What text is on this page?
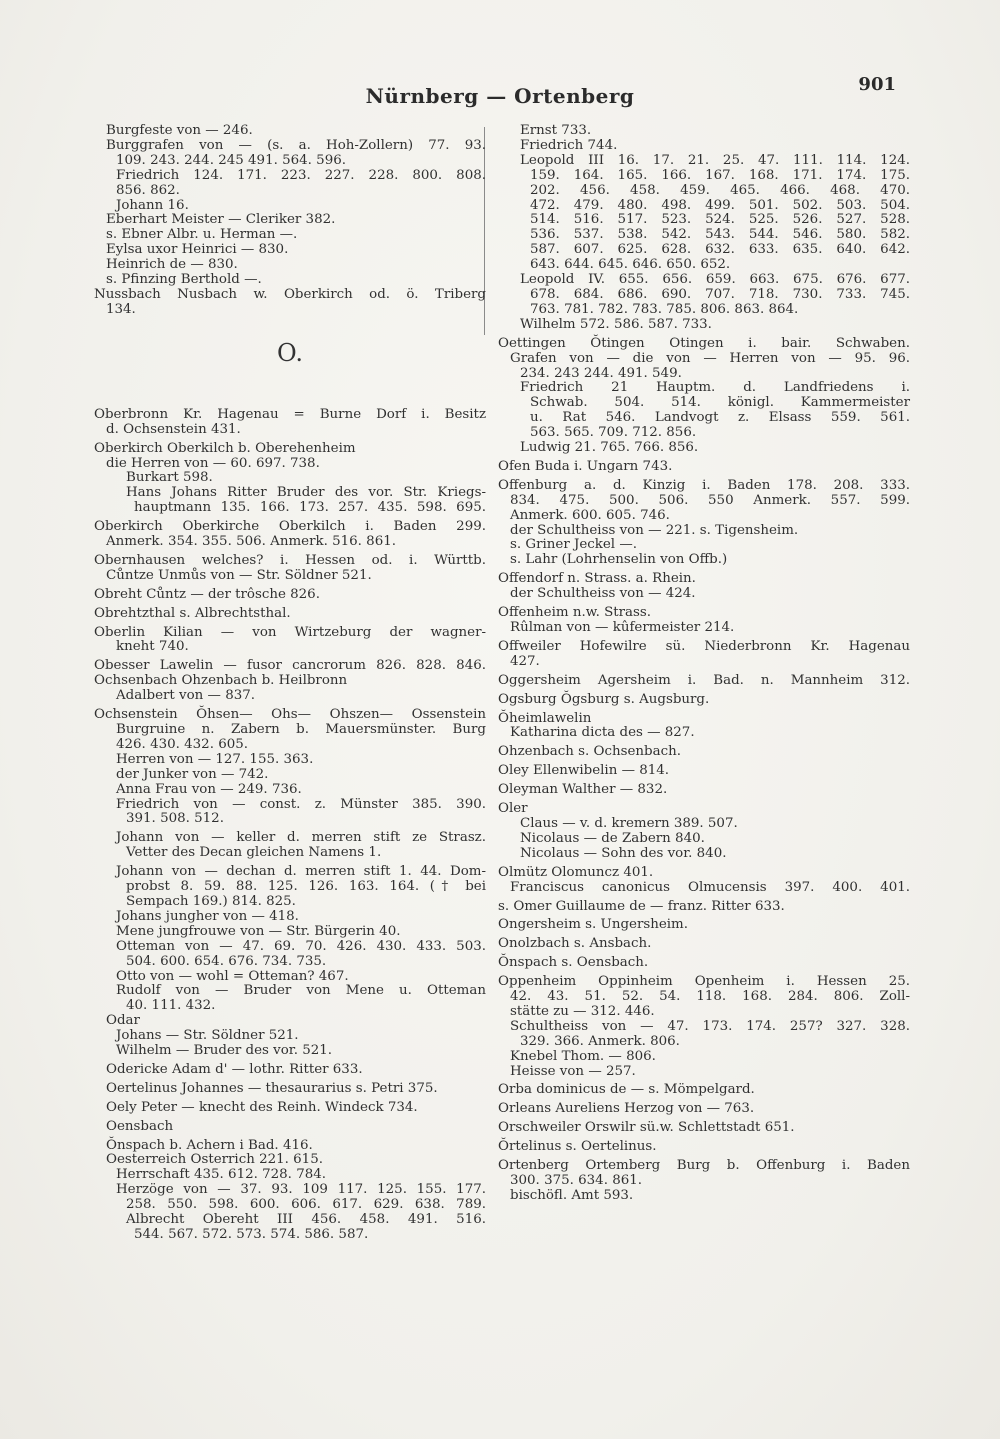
Nürnberg — Ortenberg	901
Burgfeste von — 246.
Burggrafen von — (s. a. Hoh-Zollern) 77. 93.
109. 243. 244. 245 491. 564. 596.
Friedrich 124. 171. 223. 227. 228. 800. 808.
856. 862.
Johann 16.
Eberhart Meister — Cleriker 382.
s. Ebner Albr. u. Herman —.
Eylsa uxor Heinrici — 830.
Heinrich de — 830.
s. Pfinzing Berthold —.
Nussbach Nusbach w. Oberkirch od. ö. Triberg
134.
O.
Oberbronn Kr. Hagenau = Burne Dorf i. Besitz
d. Ochsenstein 431.
Oberkirch Oberkilch b. Oberehenheim
die Herren von — 60. 697. 738.
Burkart 598.
Hans Johans Ritter Bruder des vor. Str. Kriegs-
hauptmann 135. 166. 173. 257. 435. 598. 695.
Oberkirch Oberkirche Oberkilch i. Baden 299.
Anmerk. 354. 355. 506. Anmerk. 516. 861.
Obernhausen welches? i. Hessen od. i. Württb.
Cůntze Unmůs von — Str. Söldner 521.
Obreht Cůntz — der trôsche 826.
Obrehtzthal s. Albrechtsthal.
Oberlin Kilian — von Wirtzeburg der wagner-
kneht 740.
Obesser Lawelin — fusor cancrorum 826. 828. 846.
Ochsenbach Ohzenbach b. Heilbronn
Adalbert von — 837.
Ochsenstein Ŏhsen— Ohs— Ohszen— Ossenstein
Burgruine n. Zabern b. Mauersmünster. Burg
426. 430. 432. 605.
Herren von — 127. 155. 363.
der Junker von — 742.
Anna Frau von — 249. 736.
Friedrich von — const. z. Münster 385. 390.
391. 508. 512.
Johann von — keller d. merren stift ze Strasz.
Vetter des Decan gleichen Namens 1.
Johann von — dechan d. merren stift 1. 44. Dom-
probst 8. 59. 88. 125. 126. 163. 164. († bei
Sempach 169.) 814. 825.
Johans jungher von — 418.
Mene jungfrouwe von — Str. Bürgerin 40.
Otteman von — 47. 69. 70. 426. 430. 433. 503.
504. 600. 654. 676. 734. 735.
Otto von — wohl = Otteman? 467.
Rudolf von — Bruder von Mene u. Otteman
40. 111. 432.
Odar
Johans — Str. Söldner 521.
Wilhelm — Bruder des vor. 521.
Odericke Adam d' — lothr. Ritter 633.
Oertelinus Johannes — thesaurarius s. Petri 375.
Oely Peter — knecht des Reinh. Windeck 734.
Oensbach
Ŏnspach b. Achern i Bad. 416.
Oesterreich Osterrich 221. 615.
Herrschaft 435. 612. 728. 784.
Herzöge von — 37. 93. 109 117. 125. 155. 177.
258. 550. 598. 600. 606. 617. 629. 638. 789.
Albrecht Obereht III 456. 458. 491. 516.
544. 567. 572. 573. 574. 586. 587.
Ernst 733.
Friedrich 744.
Leopold III 16. 17. 21. 25. 47. 111. 114. 124.
159. 164. 165. 166. 167. 168. 171. 174. 175.
202. 456. 458. 459. 465. 466. 468. 470.
472. 479. 480. 498. 499. 501. 502. 503. 504.
514. 516. 517. 523. 524. 525. 526. 527. 528.
536. 537. 538. 542. 543. 544. 546. 580. 582.
587. 607. 625. 628. 632. 633. 635. 640. 642.
643. 644. 645. 646. 650. 652.
Leopold IV. 655. 656. 659. 663. 675. 676. 677.
678. 684. 686. 690. 707. 718. 730. 733. 745.
763. 781. 782. 783. 785. 806. 863. 864.
Wilhelm 572. 586. 587. 733.
Oettingen Ŏtingen Otingen i. bair. Schwaben.
Grafen von — die von — Herren von — 95. 96.
234. 243 244. 491. 549.
Friedrich 21 Hauptm. d. Landfriedens i.
Schwab. 504. 514. königl. Kammermeister
u. Rat 546. Landvogt z. Elsass 559. 561.
563. 565. 709. 712. 856.
Ludwig 21. 765. 766. 856.
Ofen Buda i. Ungarn 743.
Offenburg a. d. Kinzig i. Baden 178. 208. 333.
834. 475. 500. 506. 550 Anmerk. 557. 599.
Anmerk. 600. 605. 746.
der Schultheiss von — 221. s. Tigensheim.
s. Griner Jeckel —.
s. Lahr (Lohrhenselin von Offb.)
Offendorf n. Strass. a. Rhein.
der Schultheiss von — 424.
Offenheim n.w. Strass.
Rûlman von — kûfermeister 214.
Offweiler Hofewilre sü. Niederbronn Kr. Hagenau
427.
Oggersheim Agersheim i. Bad. n. Mannheim 312.
Ogsburg Ŏgsburg s. Augsburg.
Ŏheimlawelin
Katharina dicta des — 827.
Ohzenbach s. Ochsenbach.
Oley Ellenwibelin — 814.
Oleyman Walther — 832.
Oler
Claus — v. d. kremern 389. 507.
Nicolaus — de Zabern 840.
Nicolaus — Sohn des vor. 840.
Olmütz Olomuncz 401.
Franciscus canonicus Olmucensis 397. 400. 401.
s. Omer Guillaume de — franz. Ritter 633.
Ongersheim s. Ungersheim.
Onolzbach s. Ansbach.
Ŏnspach s. Oensbach.
Oppenheim Oppinheim Openheim i. Hessen 25.
42. 43. 51. 52. 54. 118. 168. 284. 806. Zoll-
stätte zu — 312. 446.
Schultheiss von — 47. 173. 174. 257? 327. 328.
329. 366. Anmerk. 806.
Knebel Thom. — 806.
Heisse von — 257.
Orba dominicus de — s. Mömpelgard.
Orleans Aureliens Herzog von — 763.
Orschweiler Orswilr sü.w. Schlettstadt 651.
Ŏrtelinus s. Oertelinus.
Ortenberg Ortemberg Burg b. Offenburg i. Baden
300. 375. 634. 861.
bischöfl. Amt 593.
